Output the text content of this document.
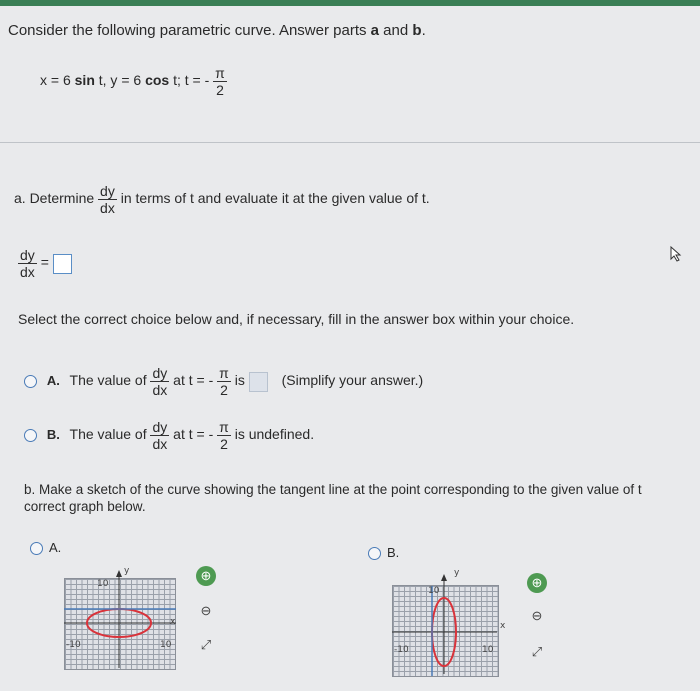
Consider the following parametric curve. Answer parts a and b.
x = 6 sin t, y = 6 cos t; t = - $\frac{\pi}{2}$
a. Determine $\frac{dy}{dx}$ in terms of t and evaluate it at the given value of t.
$\frac{dy}{dx}$ =
Select the correct choice below and, if necessary, fill in the answer box within your choice.
A. The value of $\frac{dy}{dx}$ at t = - $\frac{\pi}{2}$ is	(Simplify your answer.)
B. The value of $\frac{dy}{dx}$ at t = - $\frac{\pi}{2}$ is undefined.
b. Make a sketch of the curve showing the tangent line at the point corresponding to the given value of t
correct graph below.
A.
10
-10	10
x
y	⊕
⊖
⤢
B.
10
-10	10
x
y
⊕
⊖
⤢
